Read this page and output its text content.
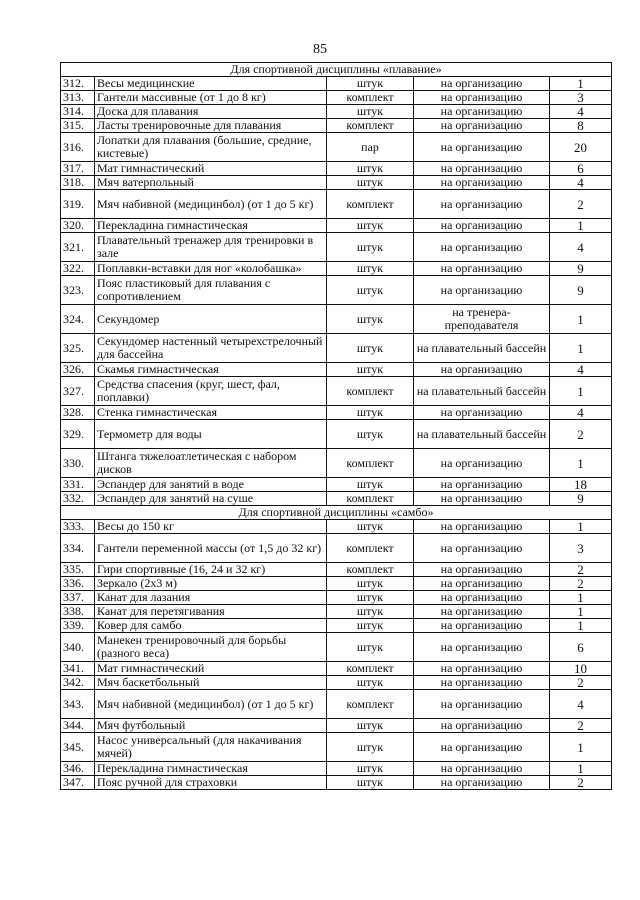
85
Для спортивной дисциплины «плавание»				
312.	Весы медицинские	штук	на организацию	1
313.	Гантели массивные (от 1 до 8 кг)	комплект	на организацию	3
314.	Доска для плавания	штук	на организацию	4
315.	Ласты тренировочные для плавания	комплект	на организацию	8
316.	Лопатки для плавания (большие, средние, кистевые)	пар	на организацию	20
317.	Мат гимнастический	штук	на организацию	6
318.	Мяч ватерпольный	штук	на организацию	4
319.	Мяч набивной (медицинбол) (от 1 до 5 кг)	комплект	на организацию	2
320.	Перекладина гимнастическая	штук	на организацию	1
321.	Плавательный тренажер для тренировки в зале	штук	на организацию	4
322.	Поплавки-вставки для ног «колобашка»	штук	на организацию	9
323.	Пояс пластиковый для плавания с сопротивлением	штук	на организацию	9
324.	Секундомер	штук	на тренера-преподавателя	1
325.	Секундомер настенный четырехстрелочный для бассейна	штук	на плавательный бассейн	1
326.	Скамья гимнастическая	штук	на организацию	4
327.	Средства спасения (круг, шест, фал, поплавки)	комплект	на плавательный бассейн	1
328.	Стенка гимнастическая	штук	на организацию	4
329.	Термометр для воды	штук	на плавательный бассейн	2
330.	Штанга тяжелоатлетическая с набором дисков	комплект	на организацию	1
331.	Эспандер для занятий в воде	штук	на организацию	18
332.	Эспандер для занятий на суше	комплект	на организацию	9
Для спортивной дисциплины «самбо»				
333.	Весы до 150 кг	штук	на организацию	1
334.	Гантели переменной массы (от 1,5 до 32 кг)	комплект	на организацию	3
335.	Гири спортивные (16, 24 и 32 кг)	комплект	на организацию	2
336.	Зеркало (2х3 м)	штук	на организацию	2
337.	Канат для лазания	штук	на организацию	1
338.	Канат для перетягивания	штук	на организацию	1
339.	Ковер для самбо	штук	на организацию	1
340.	Манекен тренировочный для борьбы (разного веса)	штук	на организацию	6
341.	Мат гимнастический	комплект	на организацию	10
342.	Мяч баскетбольный	штук	на организацию	2
343.	Мяч набивной (медицинбол) (от 1 до 5 кг)	комплект	на организацию	4
344.	Мяч футбольный	штук	на организацию	2
345.	Насос универсальный (для накачивания мячей)	штук	на организацию	1
346.	Перекладина гимнастическая	штук	на организацию	1
347.	Пояс ручной для страховки	штук	на организацию	2
